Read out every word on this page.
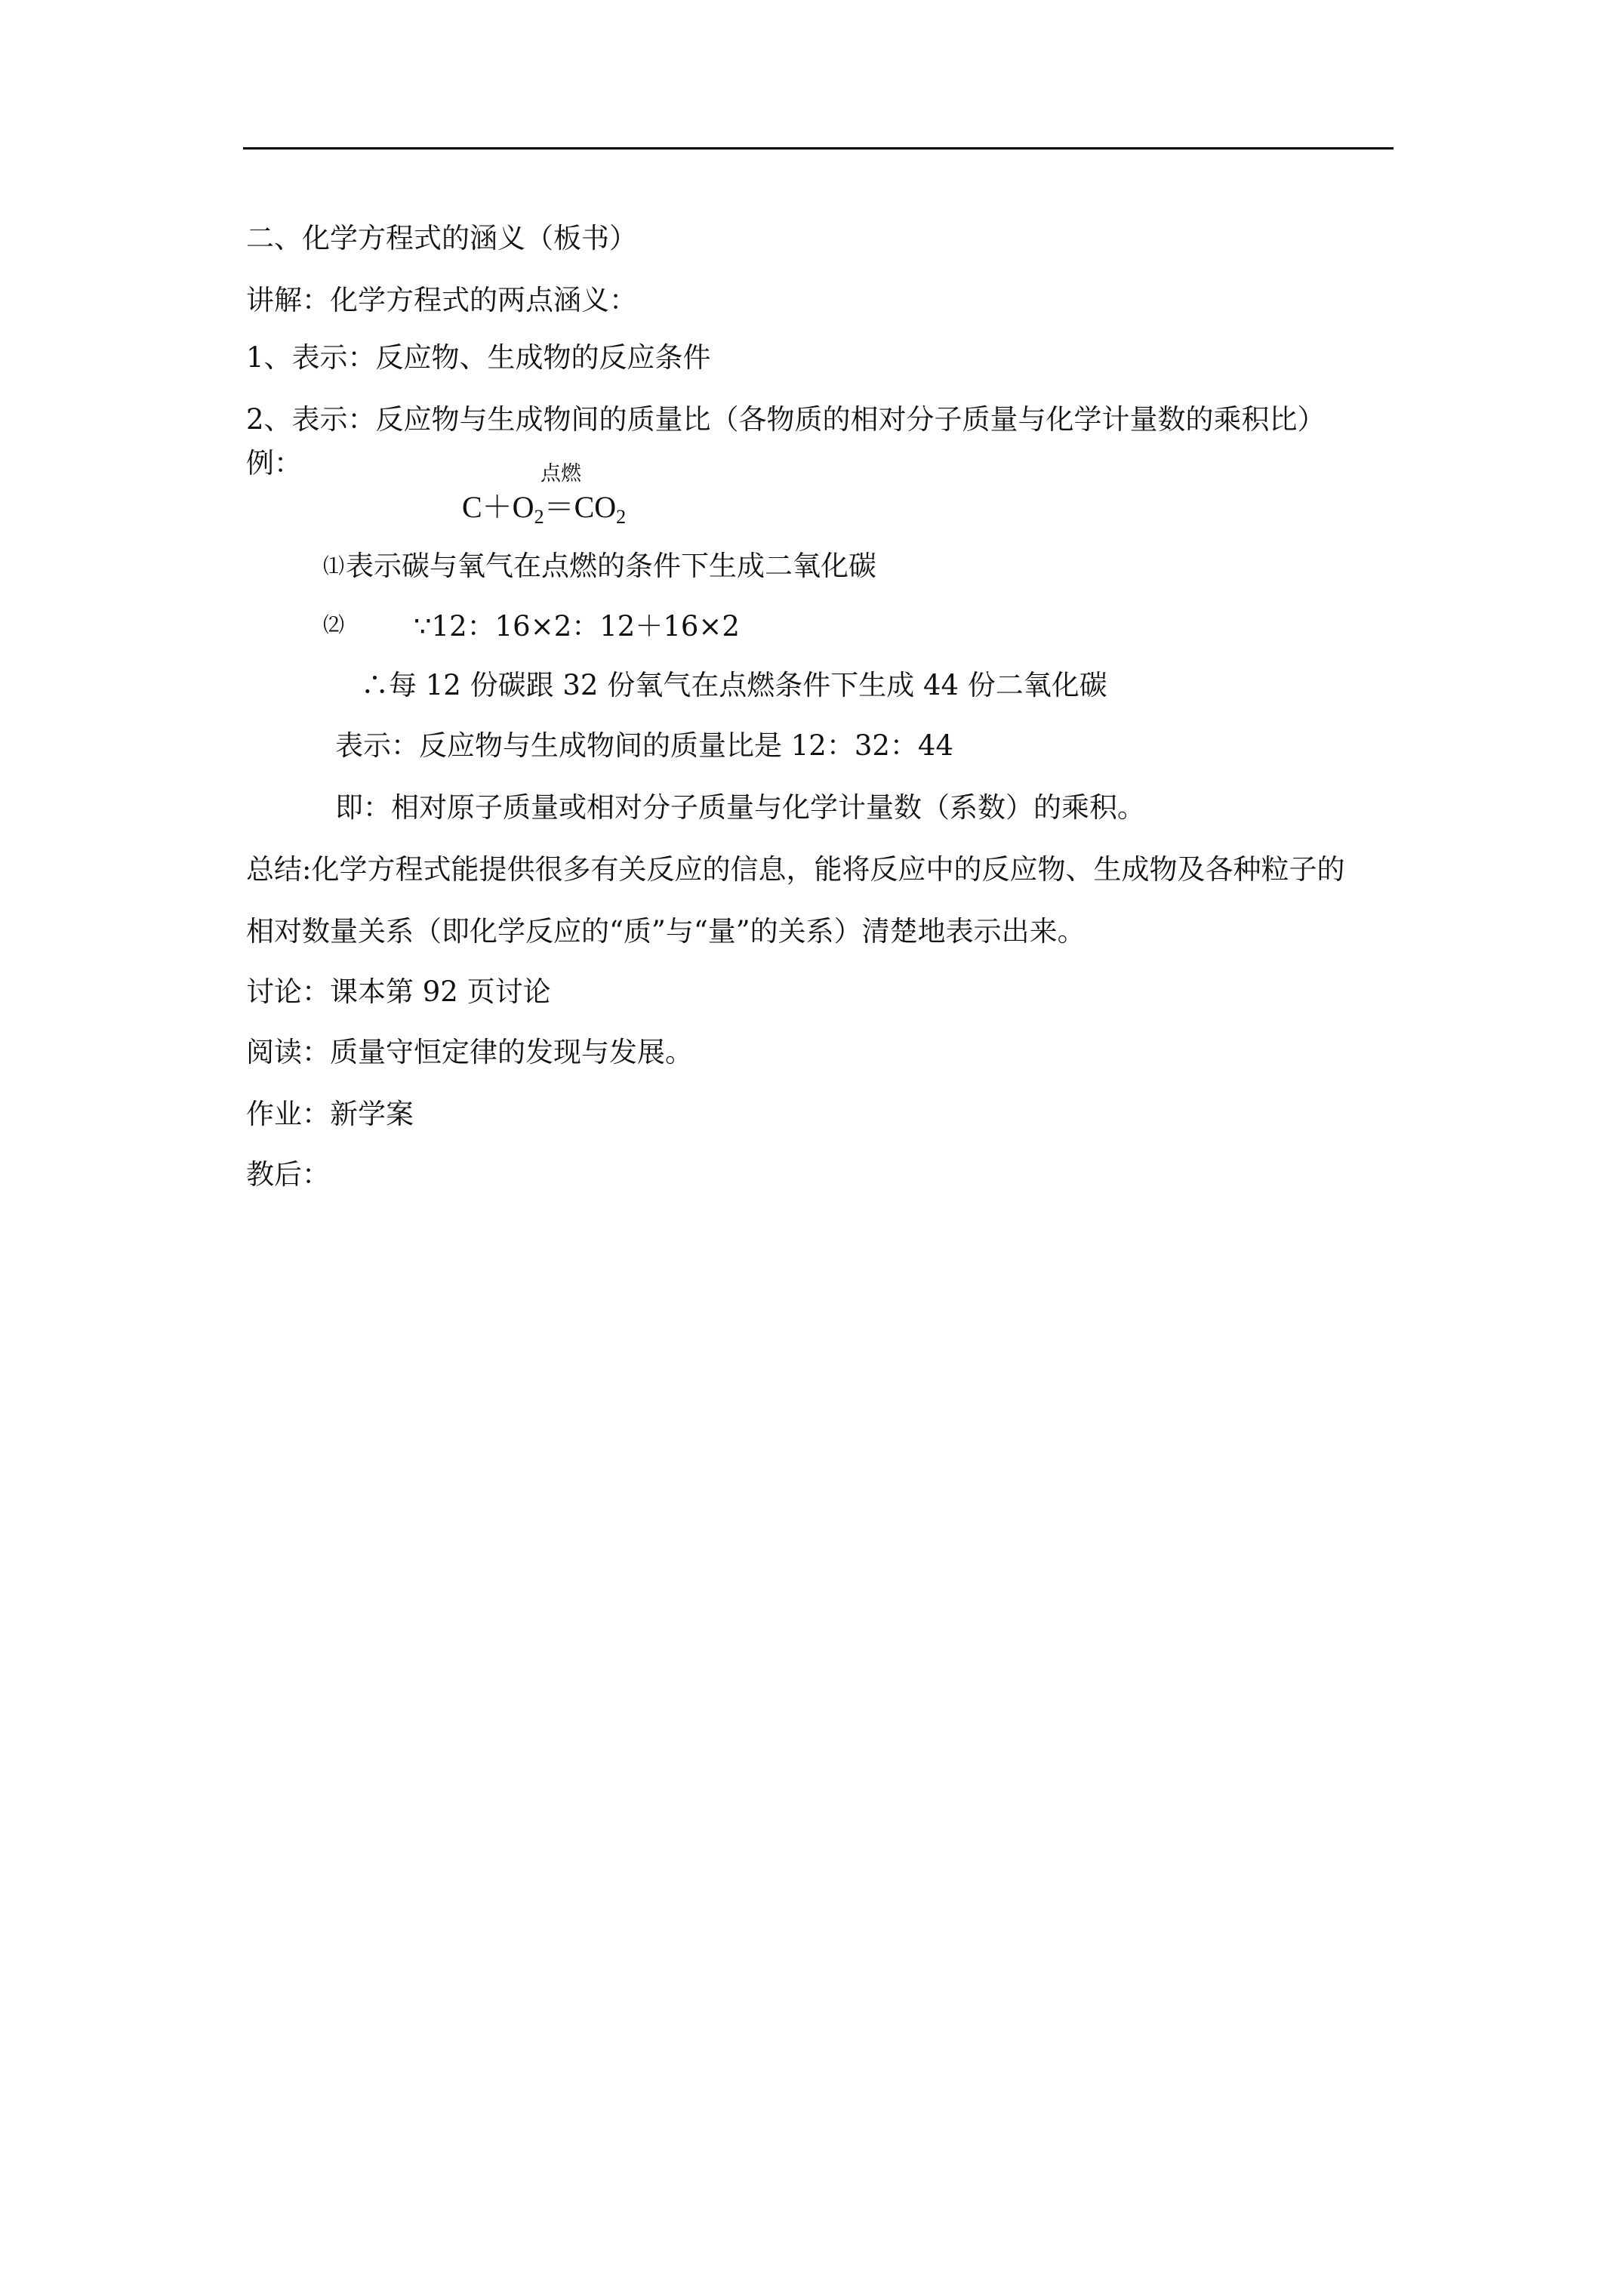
二、化学方程式的涵义（板书）
讲解：化学方程式的两点涵义：
1、表示：反应物、生成物的反应条件
2、表示：反应物与生成物间的质量比（各物质的相对分子质量与化学计量数的乘积比）
例：	点燃
$C+O_2=CO_2$
⑴ 表示碳与氧气在点燃的条件下生成二氧化碳
⑵ ∵12：16×2：12＋16×2
∴每 12 份碳跟 32 份氧气在点燃条件下生成 44 份二氧化碳
表示：反应物与生成物间的质量比是 12：32：44
即：相对原子质量或相对分子质量与化学计量数（系数）的乘积。
总结:化学方程式能提供很多有关反应的信息，能将反应中的反应物、生成物及各种粒子的
相对数量关系（即化学反应的“质”与“量”的关系）清楚地表示出来。
讨论：课本第 92 页讨论
阅读：质量守恒定律的发现与发展。
作业：新学案
教后：
